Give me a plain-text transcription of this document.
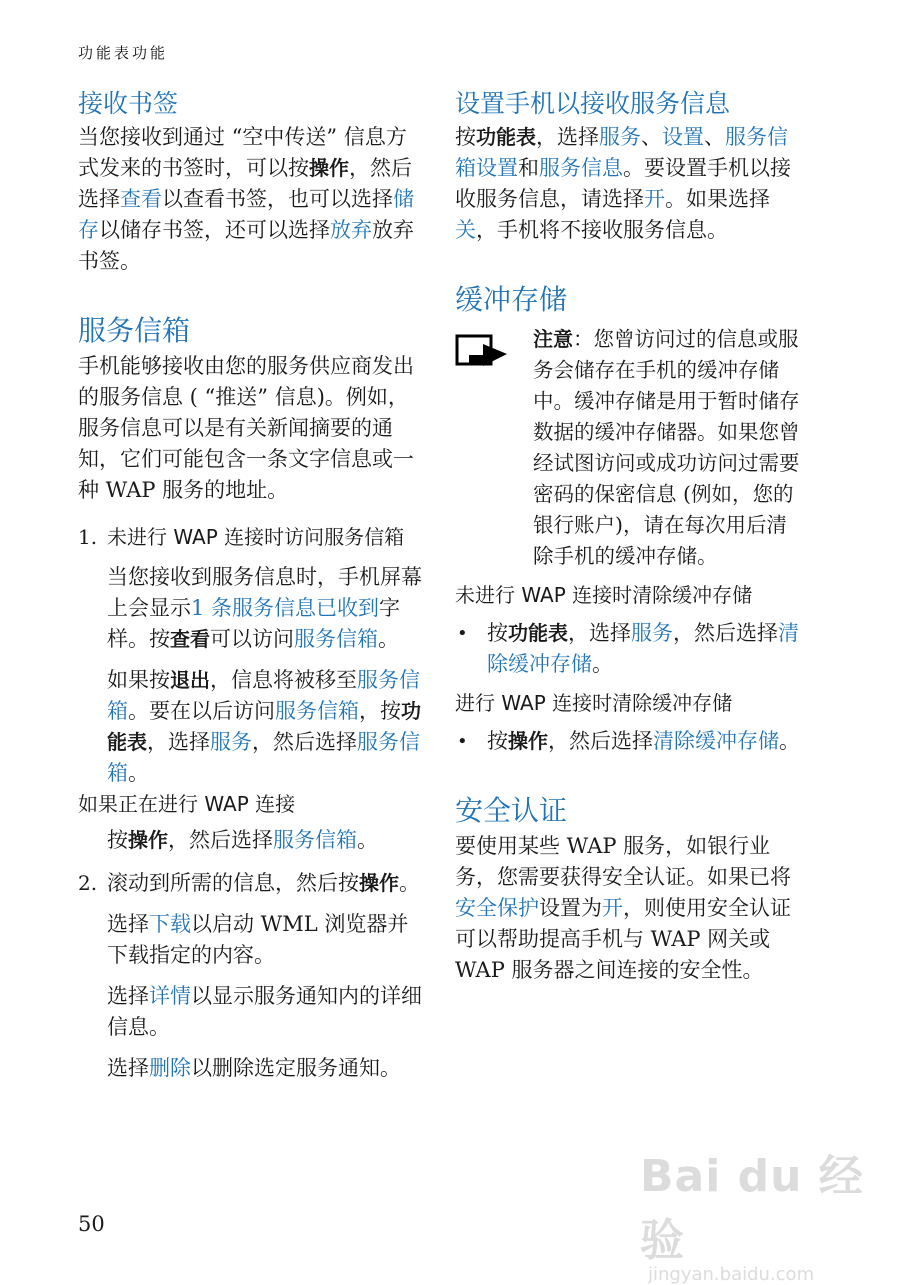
功能表功能
接收书签

当您接收到通过 “空中传送” 信息方式发来的书签时，可以按操作，然后选择查看以查看书签，也可以选择储存以储存书签，还可以选择放弃放弃书签。

服务信箱

手机能够接收由您的服务供应商发出的服务信息 ( “推送” 信息)。例如，服务信息可以是有关新闻摘要的通知，它们可能包含一条文字信息或一种 WAP 服务的地址。

1. 未进行 WAP 连接时访问服务信箱

当您接收到服务信息时，手机屏幕上会显示1 条服务信息已收到字样。按查看可以访问服务信箱。

如果按退出，信息将被移至服务信箱。要在以后访问服务信箱，按功能表，选择服务，然后选择服务信箱。

如果正在进行 WAP 连接

按操作，然后选择服务信箱。

2. 滚动到所需的信息，然后按操作。

选择下载以启动 WML 浏览器并下载指定的内容。

选择详情以显示服务通知内的详细信息。

选择删除以删除选定服务通知。

设置手机以接收服务信息

按功能表，选择服务、设置、服务信箱设置和服务信息。要设置手机以接收服务信息，请选择开。如果选择关，手机将不接收服务信息。

缓冲存储

注意：您曾访问过的信息或服务会储存在手机的缓冲存储中。缓冲存储是用于暂时储存数据的缓冲存储器。如果您曾经试图访问或成功访问过需要密码的保密信息 (例如，您的银行账户)，请在每次用后清除手机的缓冲存储。

未进行 WAP 连接时清除缓冲存储

• 按功能表，选择服务，然后选择清除缓冲存储。

进行 WAP 连接时清除缓冲存储

• 按操作，然后选择清除缓冲存储。

安全认证

要使用某些 WAP 服务，如银行业务，您需要获得安全认证。如果已将安全保护设置为开，则使用安全认证可以帮助提高手机与 WAP 网关或 WAP 服务器之间连接的安全性。

50
Bai du 经验
jingyan.baidu.com
